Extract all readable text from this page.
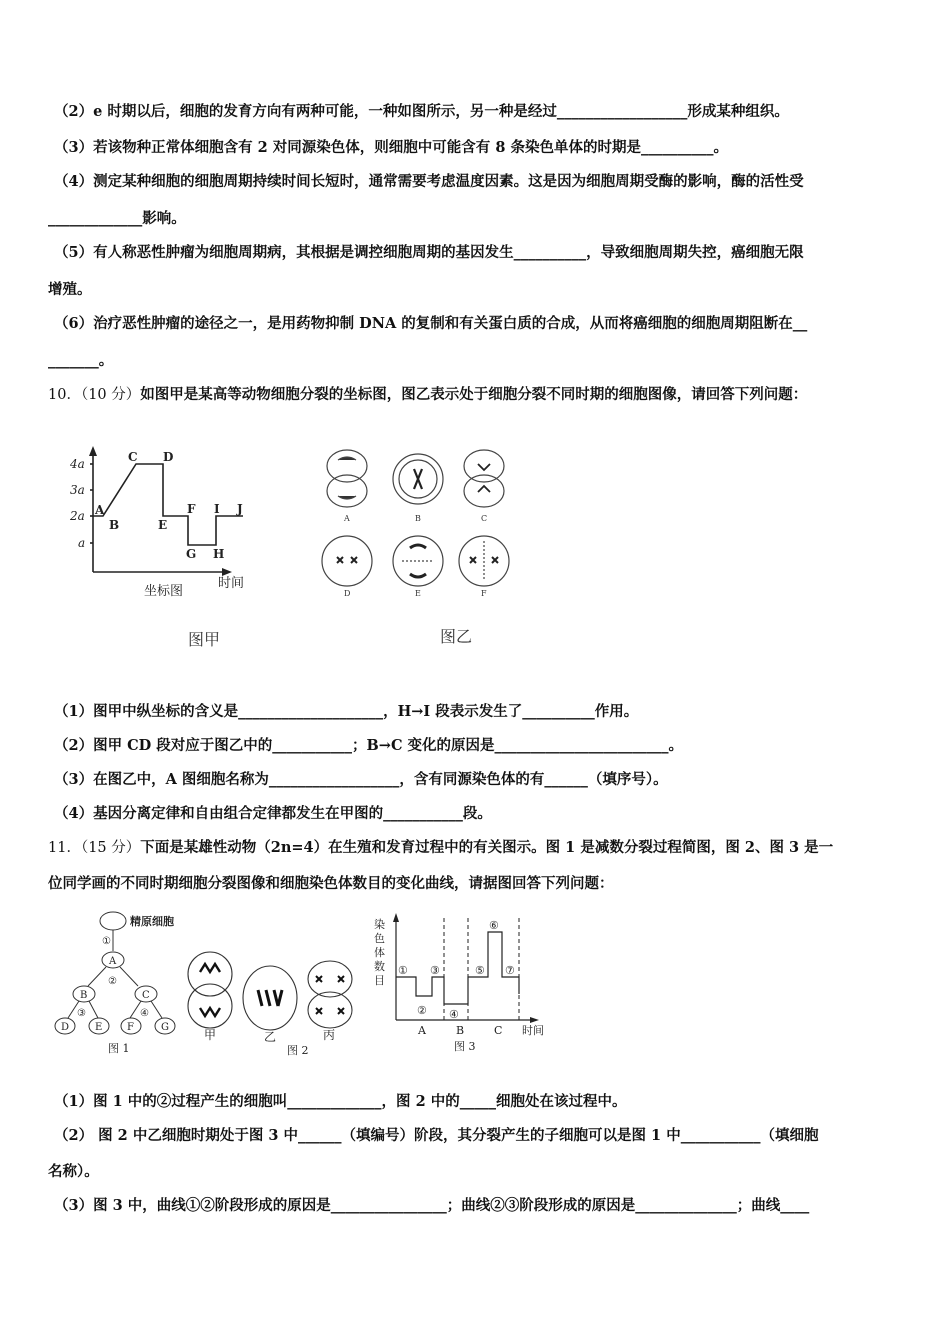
（2）e 时期以后，细胞的发育方向有两种可能，一种如图所示，另一种是经过__________________形成某种组织。
（3）若该物种正常体细胞含有 2 对同源染色体，则细胞中可能含有 8 条染色单体的时期是__________。
（4）测定某种细胞的细胞周期持续时间长短时，通常需要考虑温度因素。这是因为细胞周期受酶的影响，酶的活性受
_____________影响。
（5）有人称恶性肿瘤为细胞周期病，其根据是调控细胞周期的基因发生__________，导致细胞周期失控，癌细胞无限
增殖。
（6）治疗恶性肿瘤的途径之一，是用药物抑制 DNA 的复制和有关蛋白质的合成，从而将癌细胞的细胞周期阻断在__
_______。
10．（10 分）如图甲是某高等动物细胞分裂的坐标图，图乙表示处于细胞分裂不同时期的细胞图像，请回答下列问题：
4a
3a
2a
a
A
B
C D
E
F
G H
I J
时间
坐标图
图甲
A	B	C
D	E	F
图乙
（1）图甲中纵坐标的含义是____________________，H→I 段表示发生了__________作用。
（2）图甲 CD 段对应于图乙中的___________；B→C 变化的原因是________________________。
（3）在图乙中，A 图细胞名称为__________________，含有同源染色体的有______（填序号）。
（4）基因分离定律和自由组合定律都发生在甲图的___________段。
11．（15 分）下面是某雄性动物（2n=4）在生殖和发育过程中的有关图示。图 1 是减数分裂过程简图，图 2、图 3 是一
位同学画的不同时期细胞分裂图像和细胞染色体数目的变化曲线，请据图回答下列问题：
精原细胞
A
B	C
D	E F	G
①
②
③	④
图 1
甲	乙	丙
图 2
染 色 体 数 目
①
②
③
④
⑤
⑥
⑦
A	B	C 时间
图 3
（1）图 1 中的②过程产生的细胞叫_____________，图 2 中的_____细胞处在该过程中。
（2） 图 2 中乙细胞时期处于图 3 中______（填编号）阶段，其分裂产生的子细胞可以是图 1 中___________（填细胞
名称）。
（3）图 3 中，曲线①②阶段形成的原因是________________；曲线②③阶段形成的原因是______________；曲线____
